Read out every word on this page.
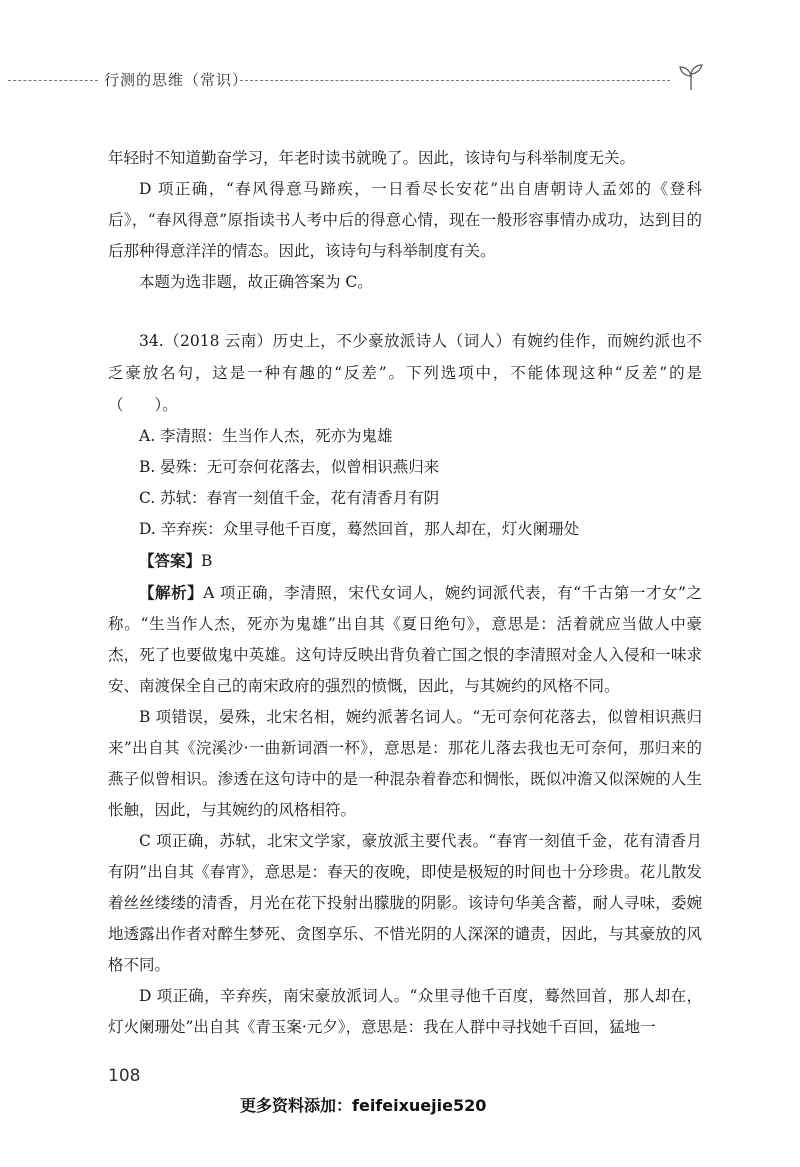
行测的思维（常识）

年轻时不知道勤奋学习，年老时读书就晚了。因此，该诗句与科举制度无关。

D 项正确，“春风得意马蹄疾，一日看尽长安花”出自唐朝诗人孟郊的《登科后》，“春风得意”原指读书人考中后的得意心情，现在一般形容事情办成功，达到目的后那种得意洋洋的情态。因此，该诗句与科举制度有关。

本题为选非题，故正确答案为 C。

34.（2018 云南）历史上，不少豪放派诗人（词人）有婉约佳作，而婉约派也不乏豪放名句，这是一种有趣的“反差”。下列选项中，不能体现这种“反差”的是（　　）。

A. 李清照：生当作人杰，死亦为鬼雄

B. 晏殊：无可奈何花落去，似曾相识燕归来

C. 苏轼：春宵一刻值千金，花有清香月有阴

D. 辛弃疾：众里寻他千百度，蓦然回首，那人却在，灯火阑珊处

【答案】B

【解析】A 项正确，李清照，宋代女词人，婉约词派代表，有“千古第一才女”之称。“生当作人杰，死亦为鬼雄”出自其《夏日绝句》，意思是：活着就应当做人中豪杰，死了也要做鬼中英雄。这句诗反映出背负着亡国之恨的李清照对金人入侵和一味求安、南渡保全自己的南宋政府的强烈的愤慨，因此，与其婉约的风格不同。

B 项错误，晏殊，北宋名相，婉约派著名词人。“无可奈何花落去，似曾相识燕归来”出自其《浣溪沙·一曲新词酒一杯》，意思是：那花儿落去我也无可奈何，那归来的燕子似曾相识。渗透在这句诗中的是一种混杂着眷恋和惆怅，既似冲澹又似深婉的人生怅触，因此，与其婉约的风格相符。

C 项正确，苏轼，北宋文学家，豪放派主要代表。“春宵一刻值千金，花有清香月有阴”出自其《春宵》，意思是：春天的夜晚，即使是极短的时间也十分珍贵。花儿散发着丝丝缕缕的清香，月光在花下投射出朦胧的阴影。该诗句华美含蓄，耐人寻味，委婉地透露出作者对醉生梦死、贪图享乐、不惜光阴的人深深的谴责，因此，与其豪放的风格不同。

D 项正确，辛弃疾，南宋豪放派词人。“众里寻他千百度，蓦然回首，那人却在，灯火阑珊处”出自其《青玉案·元夕》，意思是：我在人群中寻找她千百回，猛地一

108
更多资料添加：feifeixuejie520
